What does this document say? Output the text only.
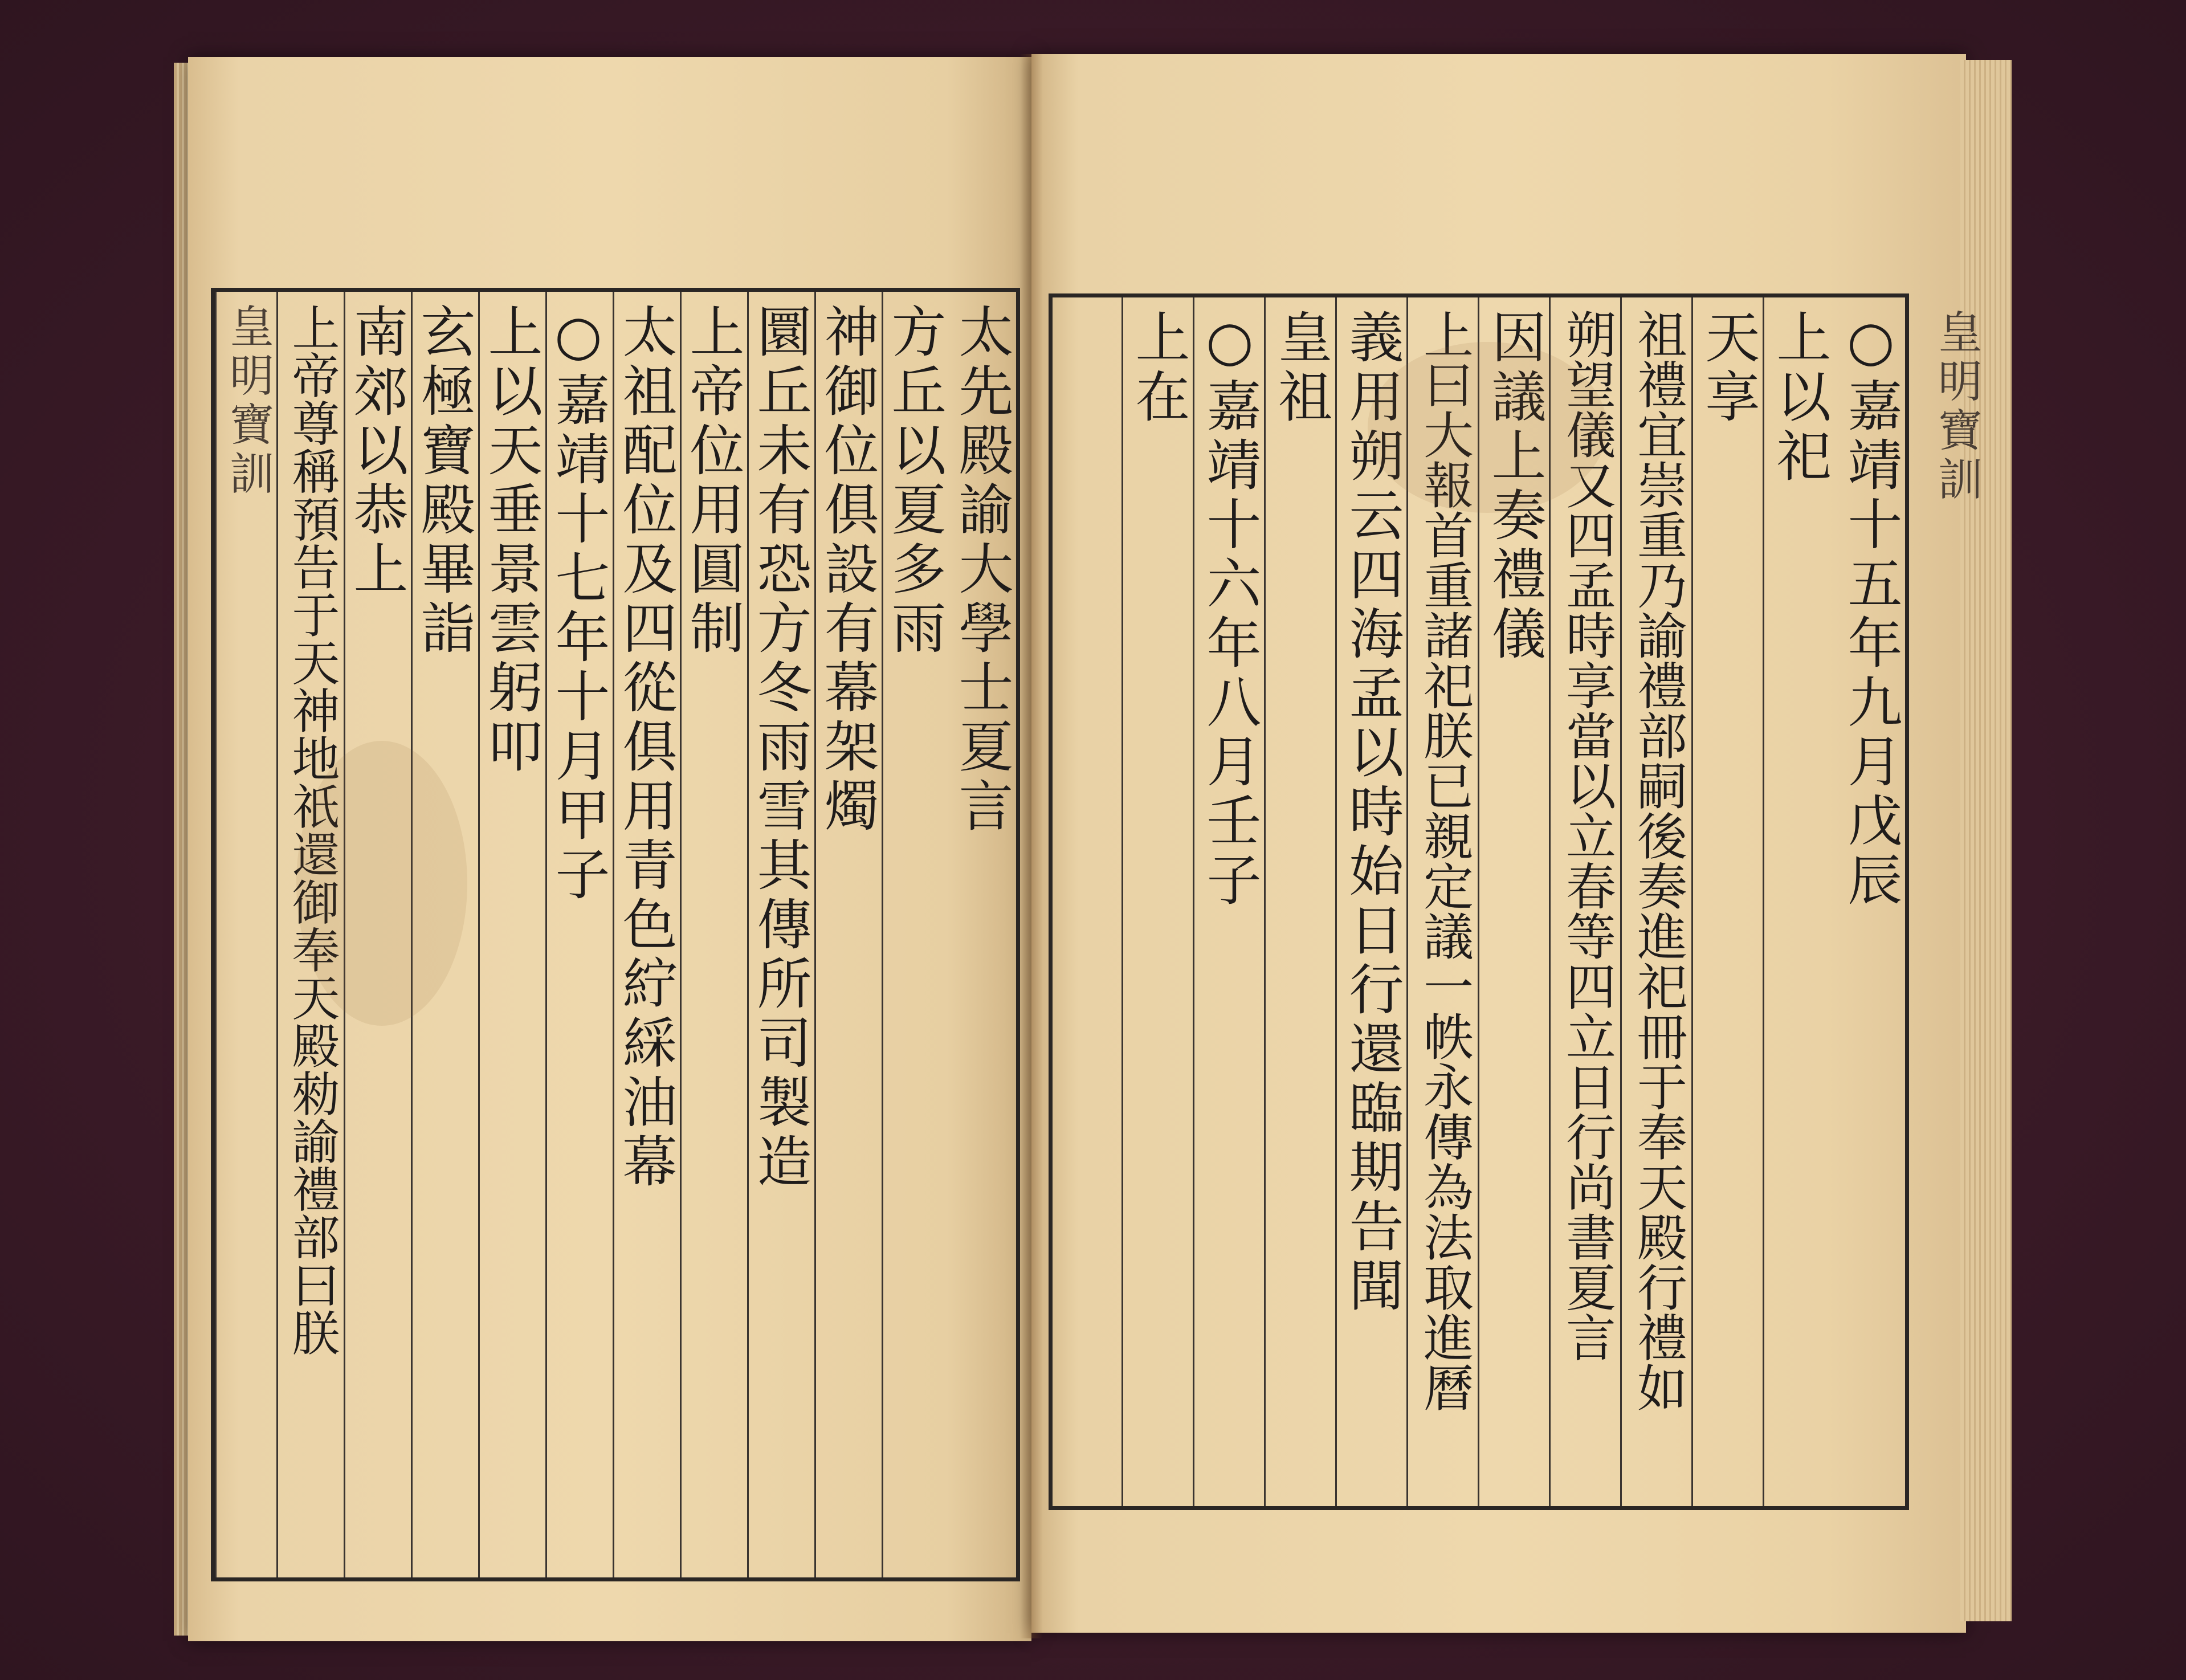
皇明寶訓
○嘉靖十五年九月戊辰
上以祀
天享
祖禮宜崇重乃諭禮部嗣後奏進祀冊于奉天殿行禮如
朔望儀又四孟時享當以立春等四立日行尚書夏言
因議上奏禮儀
上曰大報首重諸祀朕已親定議一帙永傳為法取進曆
義用朔云四海孟以時始日行還臨期告聞
皇祖
○嘉靖十六年八月壬子
上在
太先殿諭大學士夏言
方丘以夏多雨
神御位俱設有幕架燭
圜丘未有恐方冬雨雪其傳所司製造
上帝位用圓制
太祖配位及四從俱用青色紵綵油幕
○嘉靖十七年十月甲子
上以天垂景雲躬叩
玄極寶殿畢詣
南郊以恭上
上帝尊稱預告于天神地祇還御奉天殿勑諭禮部曰朕
皇明寶訓
